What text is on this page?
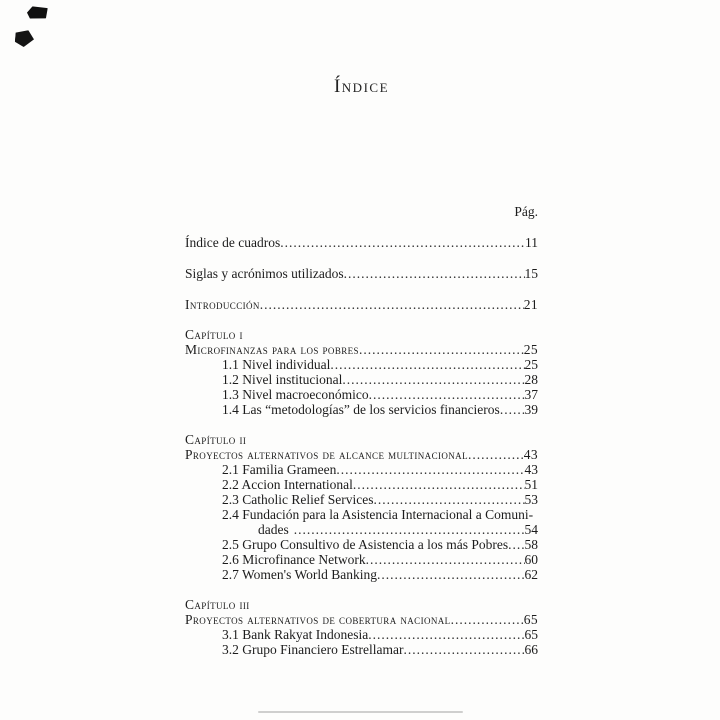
Índice
Pág.
Índice de cuadros .....	11
Siglas y acrónimos utilizados .....	15
Introducción .....	21
Capítulo i
Microfinanzas para los pobres .....	25
1.1 Nivel individual .....	25
1.2 Nivel institucional .....	28
1.3 Nivel macroeconómico .....	37
1.4 Las “metodologías” de los servicios financieros ..... 39
Capítulo ii
Proyectos alternativos de alcance multinacional .....	43
2.1 Familia Grameen .....	43
2.2 Accion International .....	51
2.3 Catholic Relief Services .....	53
2.4 Fundación para la Asistencia Internacional a Comuni-
dades .....	54
2.5 Grupo Consultivo de Asistencia a los más Pobres ..... 58
2.6 Microfinance Network .....	60
2.7 Women's World Banking .....	62
Capítulo iii
Proyectos alternativos de cobertura nacional .....	65
3.1 Bank Rakyat Indonesia .....	65
3.2 Grupo Financiero Estrellamar .....	66
